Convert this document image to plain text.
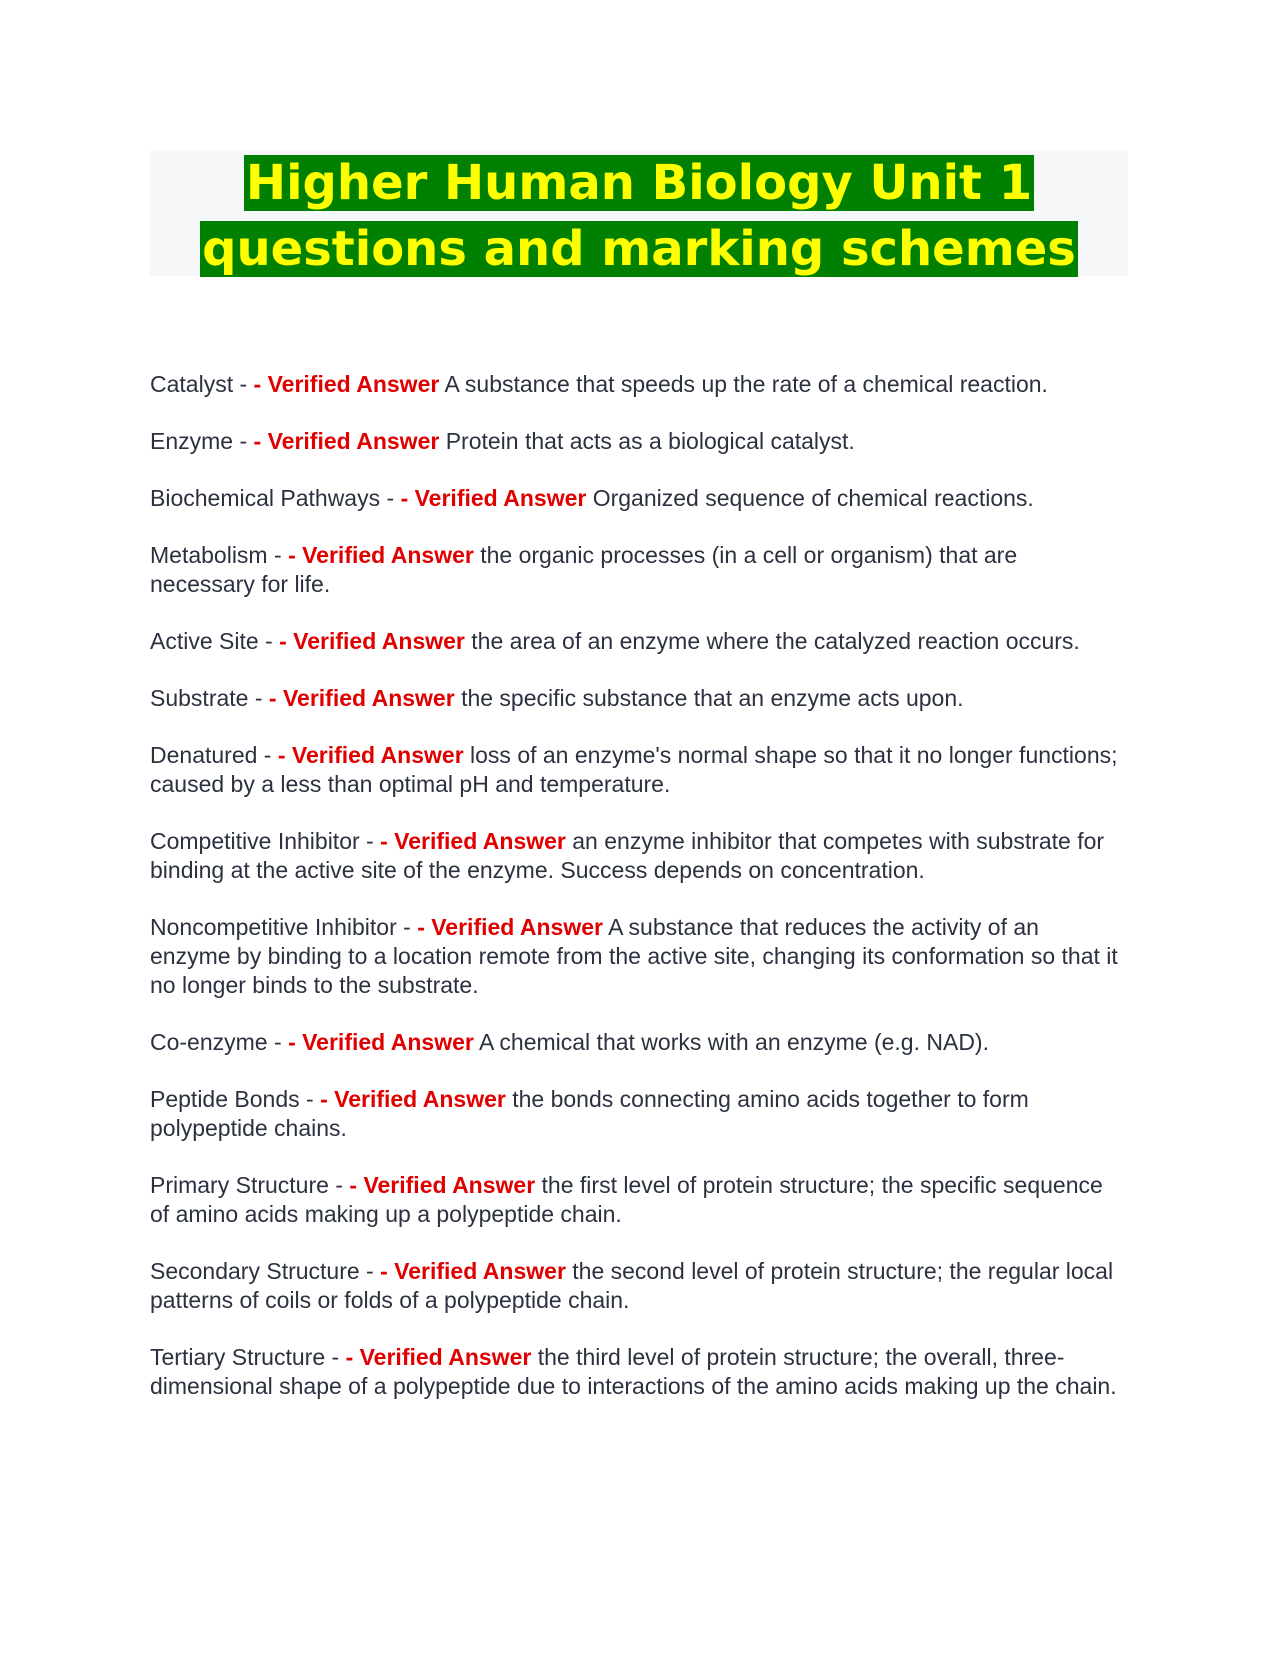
Higher Human Biology Unit 1
questions and marking schemes

Catalyst - - Verified Answer A substance that speeds up the rate of a chemical reaction.

Enzyme - - Verified Answer Protein that acts as a biological catalyst.

Biochemical Pathways - - Verified Answer Organized sequence of chemical reactions.

Metabolism - - Verified Answer the organic processes (in a cell or organism) that are necessary for life.

Active Site - - Verified Answer the area of an enzyme where the catalyzed reaction occurs.

Substrate - - Verified Answer the specific substance that an enzyme acts upon.

Denatured - - Verified Answer loss of an enzyme's normal shape so that it no longer functions; caused by a less than optimal pH and temperature.

Competitive Inhibitor - - Verified Answer an enzyme inhibitor that competes with substrate for binding at the active site of the enzyme. Success depends on concentration.

Noncompetitive Inhibitor - - Verified Answer A substance that reduces the activity of an enzyme by binding to a location remote from the active site, changing its conformation so that it no longer binds to the substrate.

Co-enzyme - - Verified Answer A chemical that works with an enzyme (e.g. NAD).

Peptide Bonds - - Verified Answer the bonds connecting amino acids together to form polypeptide chains.

Primary Structure - - Verified Answer the first level of protein structure; the specific sequence of amino acids making up a polypeptide chain.

Secondary Structure - - Verified Answer the second level of protein structure; the regular local patterns of coils or folds of a polypeptide chain.

Tertiary Structure - - Verified Answer the third level of protein structure; the overall, three-dimensional shape of a polypeptide due to interactions of the amino acids making up the chain.
